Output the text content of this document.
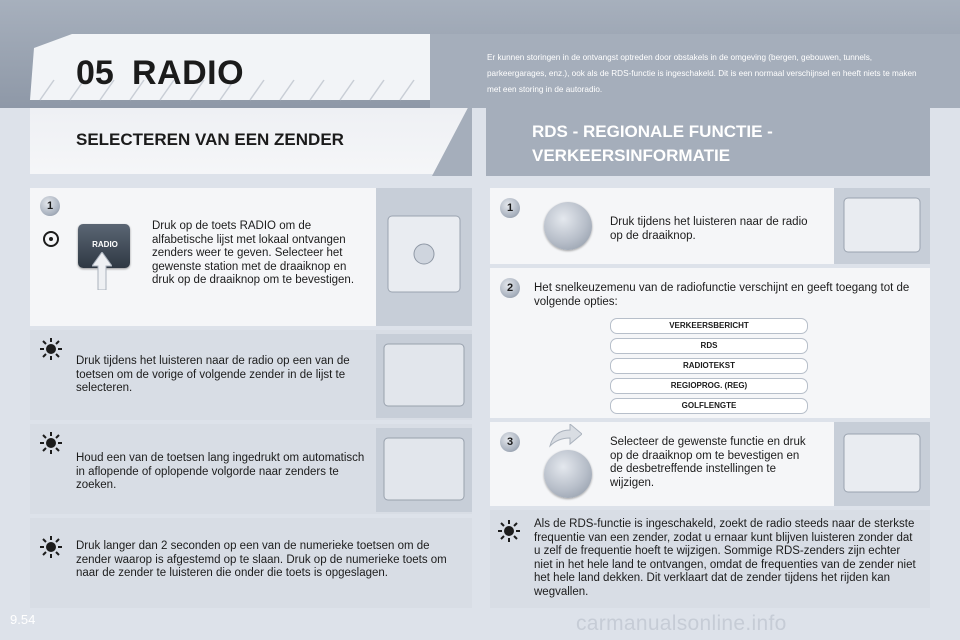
05 RADIO	Er kunnen storingen in de ontvangst optreden door obstakels in de omgeving (bergen, gebouwen, tunnels, parkeergarages, enz.), ook als de RDS-functie is ingeschakeld. Dit is een normaal verschijnsel en heeft niets te maken met een storing in de autoradio.
SELECTEREN VAN EEN ZENDER	RDS - REGIONALE FUNCTIE - VERKEERSINFORMATIE
1
RADIO
Druk op de toets RADIO om de alfabetische lijst met lokaal ontvangen zenders weer te geven. Selecteer het gewenste station met de draaiknop en druk op de draaiknop om te bevestigen.
Druk tijdens het luisteren naar de radio op een van de toetsen om de vorige of volgende zender in de lijst te selecteren.
Houd een van de toetsen lang ingedrukt om automatisch in aflopende of oplopende volgorde naar zenders te zoeken.
Druk langer dan 2 seconden op een van de numerieke toetsen om de zender waarop is afgestemd op te slaan. Druk op de numerieke toets om naar de zender te luisteren die onder die toets is opgeslagen.
1
Druk tijdens het luisteren naar de radio op de draaiknop.
2	Het snelkeuzemenu van de radiofunctie verschijnt en geeft toegang tot de volgende opties:
VERKEERSBERICHT
RDS
RADIOTEKST
REGIOPROG. (REG)
GOLFLENGTE
3	Selecteer de gewenste functie en druk op de draaiknop om te bevestigen en de desbetreffende instellingen te wijzigen.
Als de RDS-functie is ingeschakeld, zoekt de radio steeds naar de sterkste frequentie van een zender, zodat u ernaar kunt blijven luisteren zonder dat u zelf de frequentie hoeft te wijzigen. Sommige RDS-zenders zijn echter niet in het hele land te ontvangen, omdat de frequenties van de zender niet het hele land dekken. Dit verklaart dat de zender tijdens het rijden kan wegvallen.
9.54	carmanualsonline.info
